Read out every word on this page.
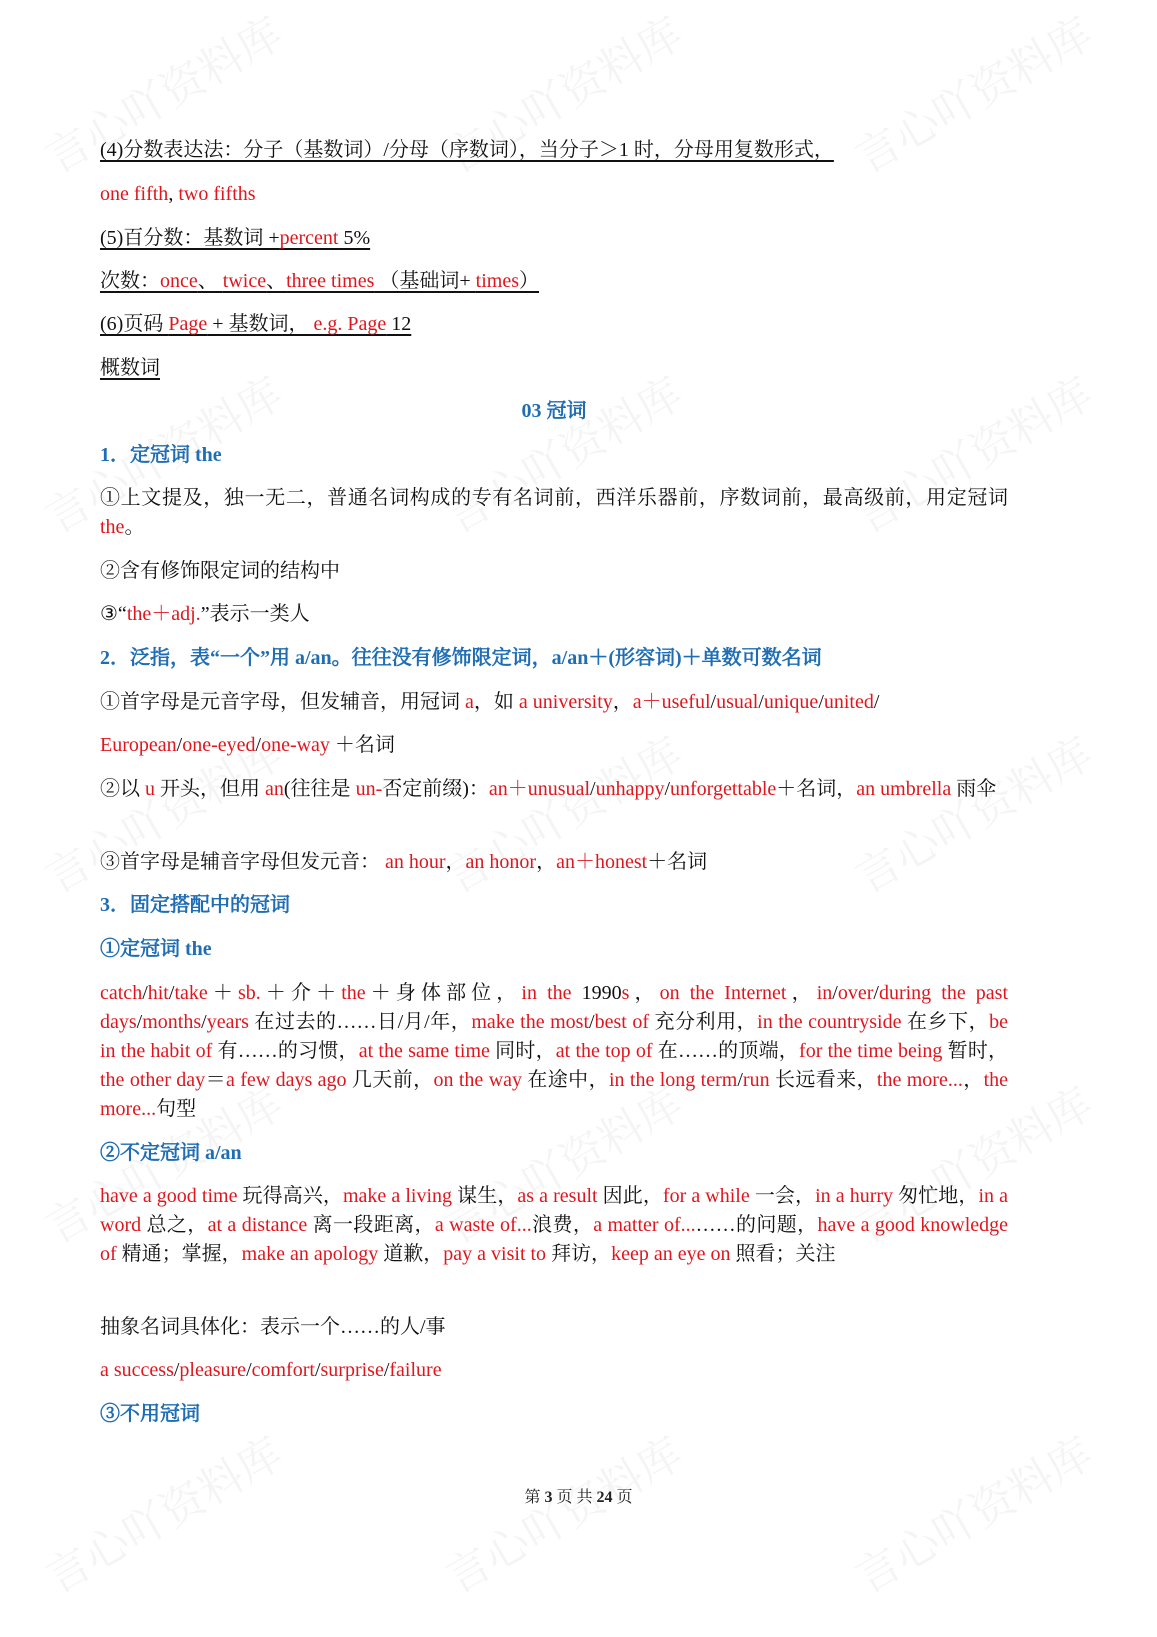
(4)分数表达法：分子（基数词）/分母（序数词），当分子＞1 时，分母用复数形式，
one fifth, two fifths
(5)百分数：基数词 +percent 5%
次数：once、 twice、three times （基础词+ times）
(6)页码 Page + 基数词， e.g. Page 12
概数词
03 冠词
1．定冠词 the
①上文提及，独一无二，普通名词构成的专有名词前，西洋乐器前，序数词前，最高级前，用定冠词 the。
②含有修饰限定词的结构中
③“the＋adj.”表示一类人
2．泛指，表“一个”用 a/an。往往没有修饰限定词，a/an＋(形容词)＋单数可数名词
①首字母是元音字母，但发辅音，用冠词 a，如 a university，a＋useful/usual/unique/united/
European/one-eyed/one-way ＋名词
②以 u 开头，但用 an(往往是 un-否定前缀)：an＋unusual/unhappy/unforgettable＋名词，an umbrella 雨伞
③首字母是辅音字母但发元音： an hour，an honor，an＋honest＋名词
3．固定搭配中的冠词
①定冠词 the
catch/hit/take＋sb.＋介＋the＋身体部位，in the 1990s，on the Internet，in/over/during the past days/months/years 在过去的……日/月/年，make the most/best of 充分利用，in the countryside 在乡下，be in the habit of 有……的习惯，at the same time 同时，at the top of 在……的顶端，for the time being 暂时，the other day＝a few days ago 几天前，on the way 在途中，in the long term/run 长远看来，the more...，the more...句型
②不定冠词 a/an
have a good time 玩得高兴，make a living 谋生，as a result 因此，for a while 一会，in a hurry 匆忙地，in a word 总之，at a distance 离一段距离，a waste of...浪费，a matter of...……的问题，have a good knowledge of 精通；掌握，make an apology 道歉，pay a visit to 拜访，keep an eye on 照看；关注
抽象名词具体化：表示一个……的人/事
a success/pleasure/comfort/surprise/failure
③不用冠词
第 3 页 共 24 页
